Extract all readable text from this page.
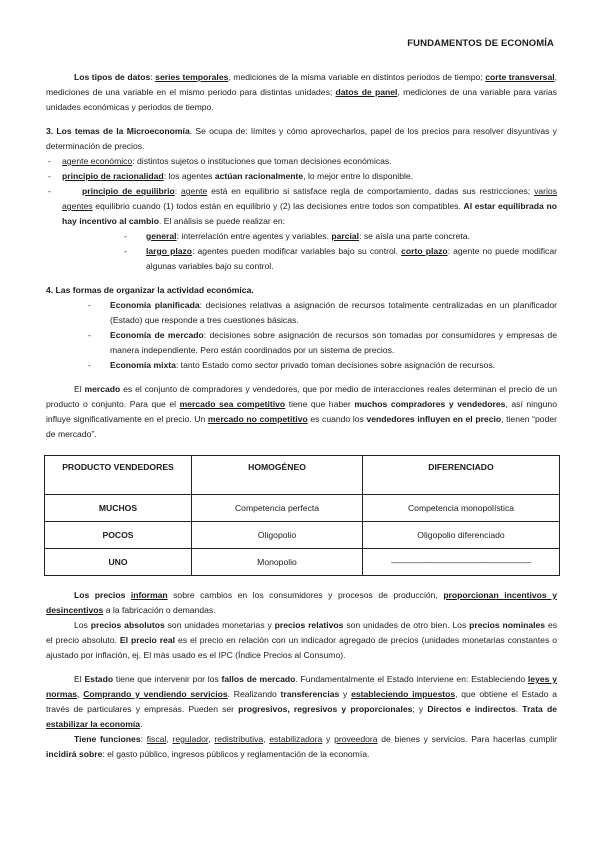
FUNDAMENTOS DE ECONOMÍA

Los tipos de datos: series temporales, mediciones de la misma variable en distintos periodos de tiempo; corte transversal, mediciones de una variable en el mismo periodo para distintas unidades; datos de panel, mediciones de una variable para varias unidades económicas y periodos de tiempo.

3. Los temas de la Microeconomía. Se ocupa de: límites y cómo aprovecharlos, papel de los precios para resolver disyuntivas y determinación de precios.

-	agente económico: distintos sujetos o instituciones que toman decisiones económicas.
-	principio de racionalidad: los agentes actúan racionalmente, lo mejor entre lo disponible.
-	principio de equilibrio: agente está en equilibrio si satisface regla de comportamiento, dadas sus restricciones; varios agentes equilibrio cuando (1) todos están en equilibrio y (2) las decisiones entre todos son compatibles. Al estar equilibrada no hay incentivo al cambio. El análisis se puede realizar en:
-	general: interrelación entre agentes y variables. parcial: se aísla una parte concreta.
-	largo plazo: agentes pueden modificar variables bajo su control. corto plazo: agente no puede modificar algunas variables bajo su control.

4. Las formas de organizar la actividad económica.

-	Economía planificada: decisiones relativas a asignación de recursos totalmente centralizadas en un planificador (Estado) que responde a tres cuestiones básicas.
-	Economía de mercado: decisiones sobre asignación de recursos son tomadas por consumidores y empresas de manera independiente. Pero están coordinados por un sistema de precios.
-	Economía mixta: tanto Estado como sector privado toman decisiones sobre asignación de recursos.

El mercado es el conjunto de compradores y vendedores, que por medio de interacciones reales determinan el precio de un producto o conjunto. Para que el mercado sea competitivo tiene que haber muchos compradores y vendedores, así ninguno influye significativamente en el precio. Un mercado no competitivo es cuando los vendedores influyen en el precio, tienen “poder de mercado”.

PRODUCTO VENDEDORES	HOMOGÉNEO	DIFERENCIADO
MUCHOS	Competencia perfecta	Competencia monopolística
POCOS	Oligopolio	Oligopolio diferenciado
UNO	Monopolio	-————————————————

Los precios informan sobre cambios en los consumidores y procesos de producción, proporcionan incentivos y desincentivos a la fabricación o demandas.

Los precios absolutos son unidades monetarias y precios relativos son unidades de otro bien. Los precios nominales es el precio absoluto. El precio real es el precio en relación con un indicador agregado de precios (unidades monetarias constantes o ajustado por inflación, ej. El más usado es el IPC (Índice Precios al Consumo).

El Estado tiene que intervenir por los fallos de mercado. Fundamentalmente el Estado interviene en: Estableciendo leyes y normas, Comprando y vendiendo servicios. Realizando transferencias y estableciendo impuestos, que obtiene el Estado a través de particulares y empresas. Pueden ser progresivos, regresivos y proporcionales; y Directos e indirectos. Trata de estabilizar la economía.

Tiene funciones: fiscal, regulador, redistributiva, estabilizadora y proveedora de bienes y servicios. Para hacerlas cumplir incidirá sobre: el gasto público, ingresos públicos y reglamentación de la economía.
